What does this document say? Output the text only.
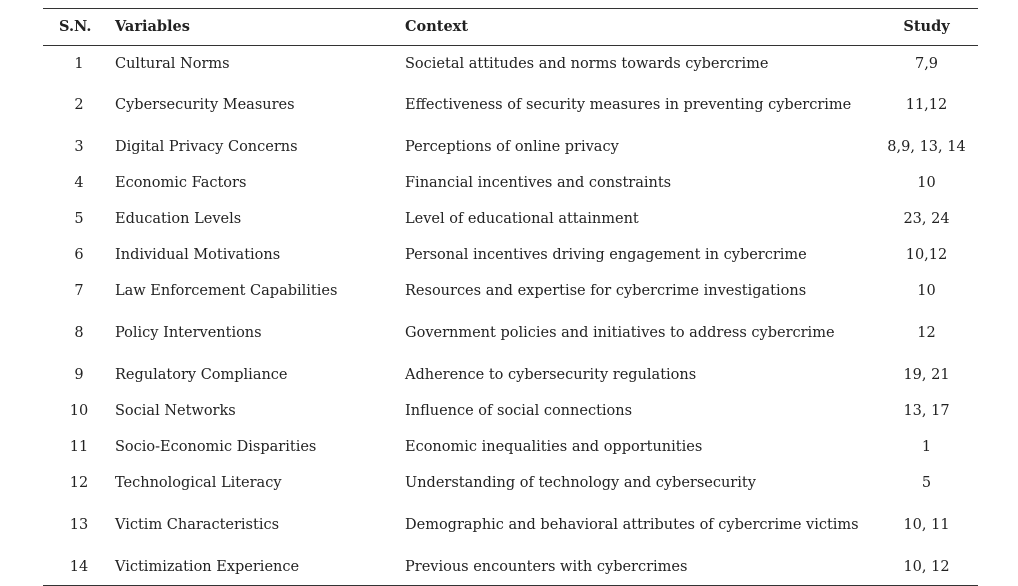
S.N.	Variables	Context	Study
1	Cultural Norms	Societal attitudes and norms towards cybercrime	7,9
2	Cybersecurity Measures	Effectiveness of security measures in preventing cybercrime	11,12
3	Digital Privacy Concerns	Perceptions of online privacy	8,9, 13, 14
4	Economic Factors	Financial incentives and constraints	10
5	Education Levels	Level of educational attainment	23, 24
6	Individual Motivations	Personal incentives driving engagement in cybercrime	10,12
7	Law Enforcement Capabilities	Resources and expertise for cybercrime investigations	10
8	Policy Interventions	Government policies and initiatives to address cybercrime	12
9	Regulatory Compliance	Adherence to cybersecurity regulations	19, 21
10	Social Networks	Influence of social connections	13, 17
11	Socio-Economic Disparities	Economic inequalities and opportunities	1
12	Technological Literacy	Understanding of technology and cybersecurity	5
13	Victim Characteristics	Demographic and behavioral attributes of cybercrime victims	10, 11
14	Victimization Experience	Previous encounters with cybercrimes	10, 12
